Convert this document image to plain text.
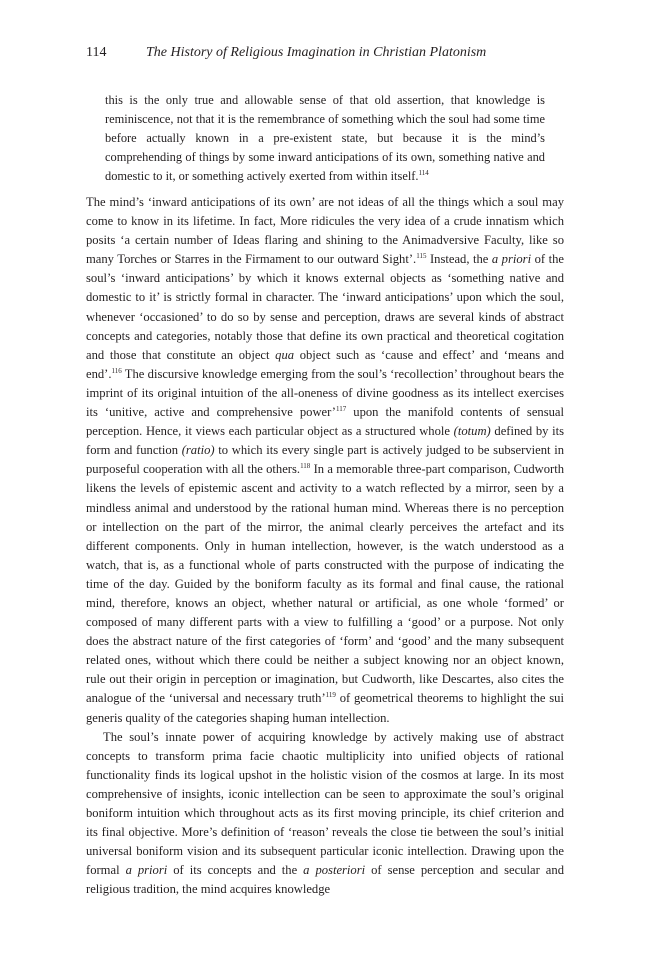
114	The History of Religious Imagination in Christian Platonism
this is the only true and allowable sense of that old assertion, that knowledge is reminiscence, not that it is the remembrance of something which the soul had some time before actually known in a pre-existent state, but because it is the mind’s comprehending of things by some inward anticipations of its own, something native and domestic to it, or something actively exerted from within itself.$^{114}$

The mind’s ‘inward anticipations of its own’ are not ideas of all the things which a soul may come to know in its lifetime. In fact, More ridicules the very idea of a crude innatism which posits ‘a certain number of Ideas flaring and shining to the Animadversive Faculty, like so many Torches or Starres in the Firmament to our outward Sight’.$^{115}$ Instead, the a priori of the soul’s ‘inward anticipations’ by which it knows external objects as ‘something native and domestic to it’ is strictly formal in character. The ‘inward anticipations’ upon which the soul, whenever ‘occasioned’ to do so by sense and perception, draws are several kinds of abstract concepts and categories, notably those that define its own practical and theoretical cogitation and those that constitute an object qua object such as ‘cause and effect’ and ‘means and end’.$^{116}$ The discursive knowledge emerging from the soul’s ‘recollection’ throughout bears the imprint of its original intuition of the all-oneness of divine goodness as its intellect exercises its ‘unitive, active and comprehensive power’$^{117}$ upon the manifold contents of sensual perception. Hence, it views each particular object as a structured whole (totum) defined by its form and function (ratio) to which its every single part is actively judged to be subservient in purposeful cooperation with all the others.$^{118}$ In a memorable three-part comparison, Cudworth likens the levels of epistemic ascent and activity to a watch reflected by a mirror, seen by a mindless animal and understood by the rational human mind. Whereas there is no perception or intellection on the part of the mirror, the animal clearly perceives the artefact and its different components. Only in human intellection, however, is the watch understood as a watch, that is, as a functional whole of parts constructed with the purpose of indicating the time of the day. Guided by the boniform faculty as its formal and final cause, the rational mind, therefore, knows an object, whether natural or artificial, as one whole ‘formed’ or composed of many different parts with a view to fulfilling a ‘good’ or a purpose. Not only does the abstract nature of the first categories of ‘form’ and ‘good’ and the many subsequent related ones, without which there could be neither a subject knowing nor an object known, rule out their origin in perception or imagination, but Cudworth, like Descartes, also cites the analogue of the ‘universal and necessary truth’$^{119}$ of geometrical theorems to highlight the sui generis quality of the categories shaping human intellection.

The soul’s innate power of acquiring knowledge by actively making use of abstract concepts to transform prima facie chaotic multiplicity into unified objects of rational functionality finds its logical upshot in the holistic vision of the cosmos at large. In its most comprehensive of insights, iconic intellection can be seen to approximate the soul’s original boniform intuition which throughout acts as its first moving principle, its chief criterion and its final objective. More’s definition of ‘reason’ reveals the close tie between the soul’s initial universal boniform vision and its subsequent particular iconic intellection. Drawing upon the formal a priori of its concepts and the a posteriori of sense perception and secular and religious tradition, the mind acquires knowledge
